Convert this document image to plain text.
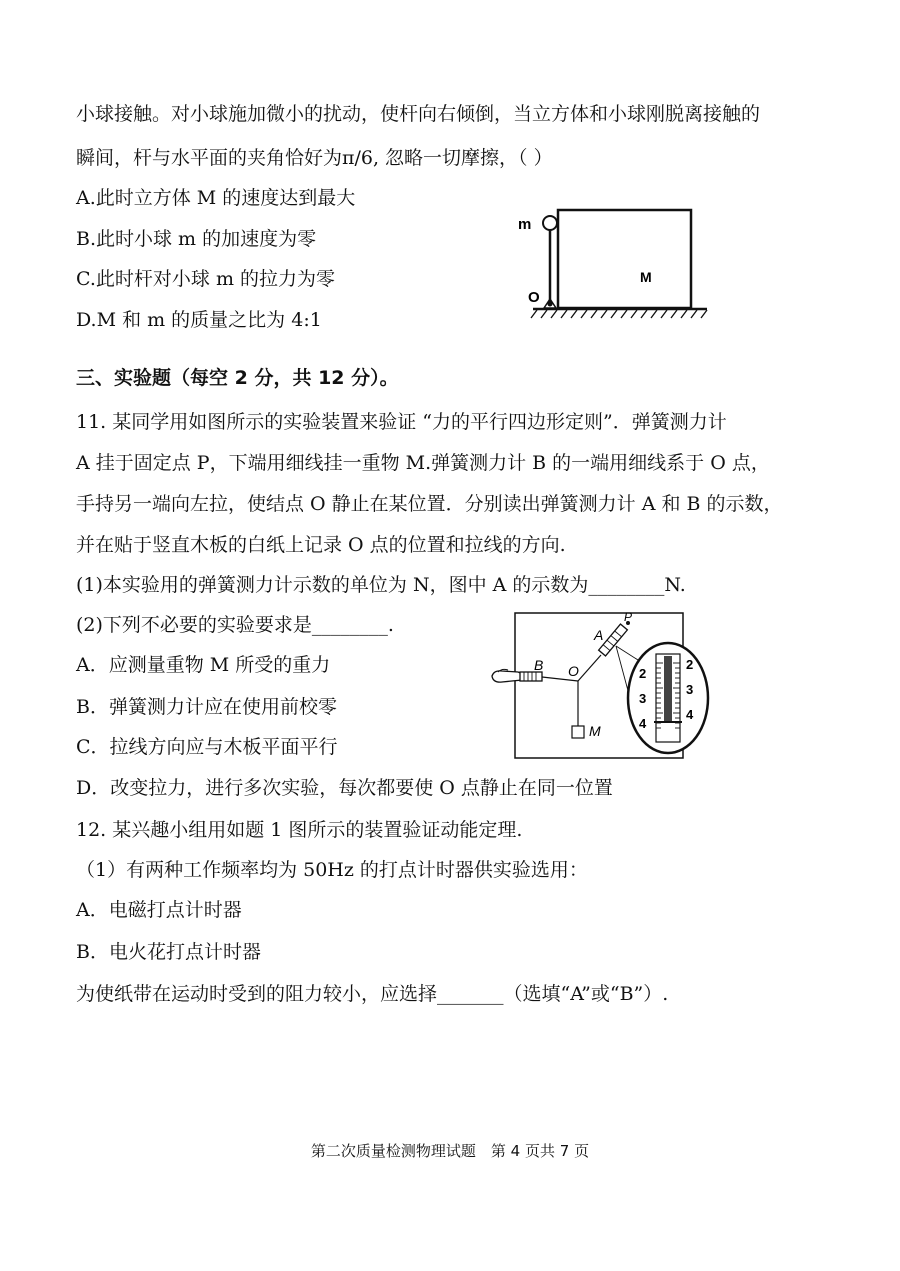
小球接触。对小球施加微小的扰动，使杆向右倾倒，当立方体和小球刚脱离接触的
瞬间，杆与水平面的夹角恰好为π/6, 忽略一切摩擦，（ ）
A.此时立方体 M 的速度达到最大
B.此时小球 m 的加速度为零
C.此时杆对小球 m 的拉力为零
D.M 和 m 的质量之比为 4:1
m
O
M
三、实验题（每空 2 分，共 12 分）。
11. 某同学用如图所示的实验装置来验证 “力的平行四边形定则”．弹簧测力计
A 挂于固定点 P，下端用细线挂一重物 M.弹簧测力计 B 的一端用细线系于 O 点，
手持另一端向左拉，使结点 O 静止在某位置．分别读出弹簧测力计 A 和 B 的示数，
并在贴于竖直木板的白纸上记录 O 点的位置和拉线的方向.
(1)本实验用的弹簧测力计示数的单位为 N，图中 A 的示数为________N.
(2)下列不必要的实验要求是________.
A．应测量重物 M 所受的重力
B．弹簧测力计应在使用前校零
C．拉线方向应与木板平面平行
D．改变拉力，进行多次实验，每次都要使 O 点静止在同一位置
2
3
4
2
3
4
A
P
B O
M
12. 某兴趣小组用如题 1 图所示的装置验证动能定理.
（1）有两种工作频率均为 50Hz 的打点计时器供实验选用：
A．电磁打点计时器
B．电火花打点计时器
为使纸带在运动时受到的阻力较小，应选择_______（选填“A”或“B”）.
第二次质量检测物理试题　第 4 页共 7 页
